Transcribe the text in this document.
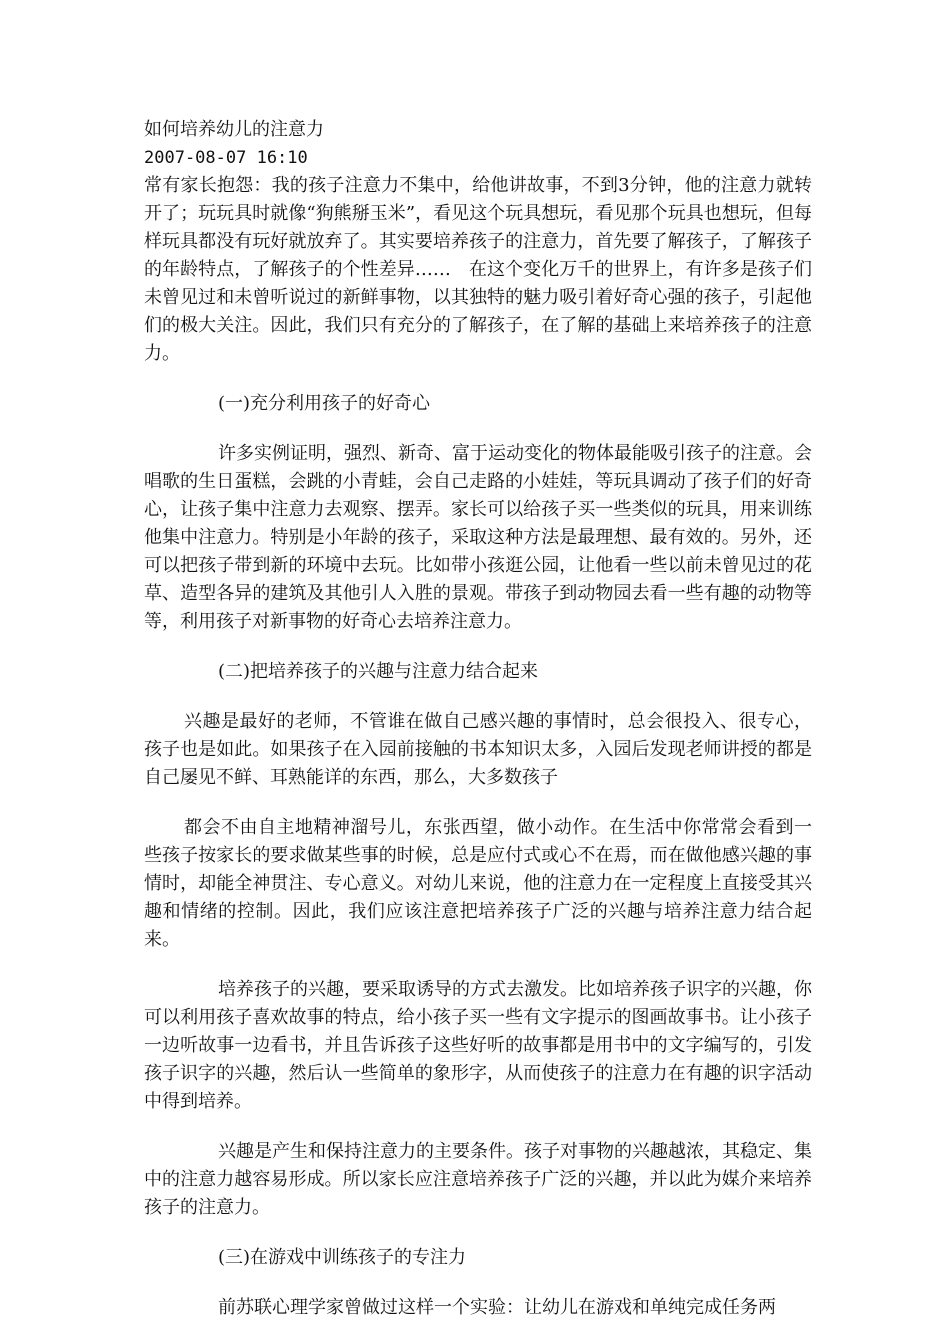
如何培养幼儿的注意力
2007-08-07 16:10

常有家长抱怨：我的孩子注意力不集中，给他讲故事，不到3分钟，他的注意力就转开了；玩玩具时就像“狗熊掰玉米”，看见这个玩具想玩，看见那个玩具也想玩，但每样玩具都没有玩好就放弃了。其实要培养孩子的注意力，首先要了解孩子，了解孩子的年龄特点，了解孩子的个性差异……　在这个变化万千的世界上，有许多是孩子们未曾见过和未曾听说过的新鲜事物，以其独特的魅力吸引着好奇心强的孩子，引起他们的极大关注。因此，我们只有充分的了解孩子，在了解的基础上来培养孩子的注意力。

(一)充分利用孩子的好奇心

许多实例证明，强烈、新奇、富于运动变化的物体最能吸引孩子的注意。会唱歌的生日蛋糕，会跳的小青蛙，会自己走路的小娃娃，等玩具调动了孩子们的好奇心，让孩子集中注意力去观察、摆弄。家长可以给孩子买一些类似的玩具，用来训练他集中注意力。特别是小年龄的孩子，采取这种方法是最理想、最有效的。另外，还可以把孩子带到新的环境中去玩。比如带小孩逛公园，让他看一些以前未曾见过的花草、造型各异的建筑及其他引人入胜的景观。带孩子到动物园去看一些有趣的动物等等，利用孩子对新事物的好奇心去培养注意力。

(二)把培养孩子的兴趣与注意力结合起来

兴趣是最好的老师，不管谁在做自己感兴趣的事情时，总会很投入、很专心，孩子也是如此。如果孩子在入园前接触的书本知识太多，入园后发现老师讲授的都是自己屡见不鲜、耳熟能详的东西，那么，大多数孩子

都会不由自主地精神溜号儿，东张西望，做小动作。在生活中你常常会看到一些孩子按家长的要求做某些事的时候，总是应付式或心不在焉，而在做他感兴趣的事情时，却能全神贯注、专心意义。对幼儿来说，他的注意力在一定程度上直接受其兴趣和情绪的控制。因此，我们应该注意把培养孩子广泛的兴趣与培养注意力结合起来。

培养孩子的兴趣，要采取诱导的方式去激发。比如培养孩子识字的兴趣，你可以利用孩子喜欢故事的特点，给小孩子买一些有文字提示的图画故事书。让小孩子一边听故事一边看书，并且告诉孩子这些好听的故事都是用书中的文字编写的，引发孩子识字的兴趣，然后认一些简单的象形字，从而使孩子的注意力在有趣的识字活动中得到培养。

兴趣是产生和保持注意力的主要条件。孩子对事物的兴趣越浓，其稳定、集中的注意力越容易形成。所以家长应注意培养孩子广泛的兴趣，并以此为媒介来培养孩子的注意力。

(三)在游戏中训练孩子的专注力

前苏联心理学家曾做过这样一个实验：让幼儿在游戏和单纯完成任务两
